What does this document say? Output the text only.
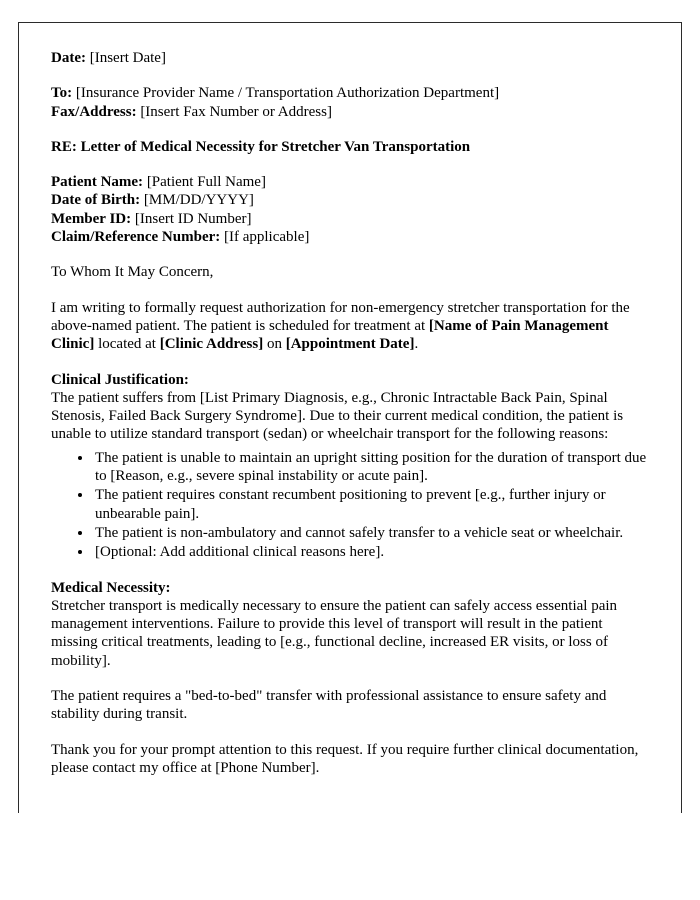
Date: [Insert Date]

To: [Insurance Provider Name / Transportation Authorization Department]
Fax/Address: [Insert Fax Number or Address]

RE: Letter of Medical Necessity for Stretcher Van Transportation

Patient Name: [Patient Full Name]
Date of Birth: [MM/DD/YYYY]
Member ID: [Insert ID Number]
Claim/Reference Number: [If applicable]

To Whom It May Concern,

I am writing to formally request authorization for non-emergency stretcher transportation for the above-named patient. The patient is scheduled for treatment at [Name of Pain Management Clinic] located at [Clinic Address] on [Appointment Date].

Clinical Justification:
The patient suffers from [List Primary Diagnosis, e.g., Chronic Intractable Back Pain, Spinal Stenosis, Failed Back Surgery Syndrome]. Due to their current medical condition, the patient is unable to utilize standard transport (sedan) or wheelchair transport for the following reasons:
• The patient is unable to maintain an upright sitting position for the duration of transport due to [Reason, e.g., severe spinal instability or acute pain].
• The patient requires constant recumbent positioning to prevent [e.g., further injury or unbearable pain].
• The patient is non-ambulatory and cannot safely transfer to a vehicle seat or wheelchair.
• [Optional: Add additional clinical reasons here].
Medical Necessity:

Stretcher transport is medically necessary to ensure the patient can safely access essential pain management interventions. Failure to provide this level of transport will result in the patient missing critical treatments, leading to [e.g., functional decline, increased ER visits, or loss of mobility].

The patient requires a "bed-to-bed" transfer with professional assistance to ensure safety and stability during transit.

Thank you for your prompt attention to this request. If you require further clinical documentation, please contact my office at [Phone Number].
